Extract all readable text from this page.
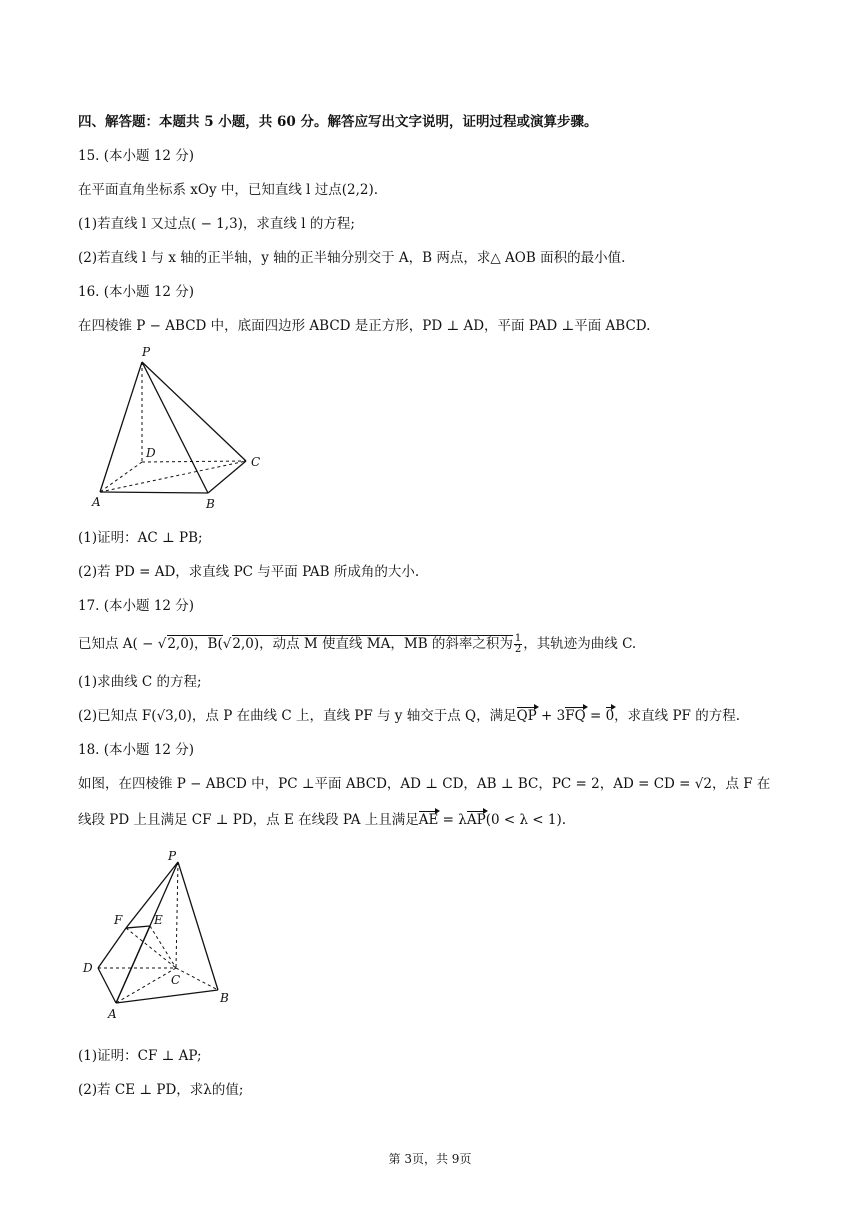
四、解答题：本题共 5 小题，共 60 分。解答应写出文字说明，证明过程或演算步骤。
15. (本小题 12 分)
在平面直角坐标系 xOy 中，已知直线 l 过点(2,2).
(1)若直线 l 又过点( − 1,3)，求直线 l 的方程;
(2)若直线 l 与 x 轴的正半轴，y 轴的正半轴分别交于 A，B 两点，求△ AOB 面积的最小值.
16. (本小题 12 分)
在四棱锥 P − ABCD 中，底面四边形 ABCD 是正方形，PD ⊥ AD，平面 PAD ⊥平面 ABCD.
P
D
C
A	B
(1)证明：AC ⊥ PB;
(2)若 PD = AD，求直线 PC 与平面 PAB 所成角的大小.
17. (本小题 12 分)
已知点 A( − √2,0)，B(√2,0)，动点 M 使直线 MA，MB 的斜率之积为 $\frac{1}{2}$ ，其轨迹为曲线 C.
(1)求曲线 C 的方程;
(2)已知点 F(√3,0)，点 P 在曲线 C 上，直线 PF 与 y 轴交于点 Q，满足QP + 3FQ = 0，求直线 PF 的方程.
18. (本小题 12 分)
如图，在四棱锥 P − ABCD 中，PC ⊥平面 ABCD，AD ⊥ CD，AB ⊥ BC，PC = 2，AD = CD = √2，点 F 在
线段 PD 上且满足 CF ⊥ PD，点 E 在线段 PA 上且满足AE = λAP(0 < λ < 1).
P
F	E
D
C
B
A
(1)证明：CF ⊥ AP;
(2)若 CE ⊥ PD，求λ的值;
第 3页，共 9页
